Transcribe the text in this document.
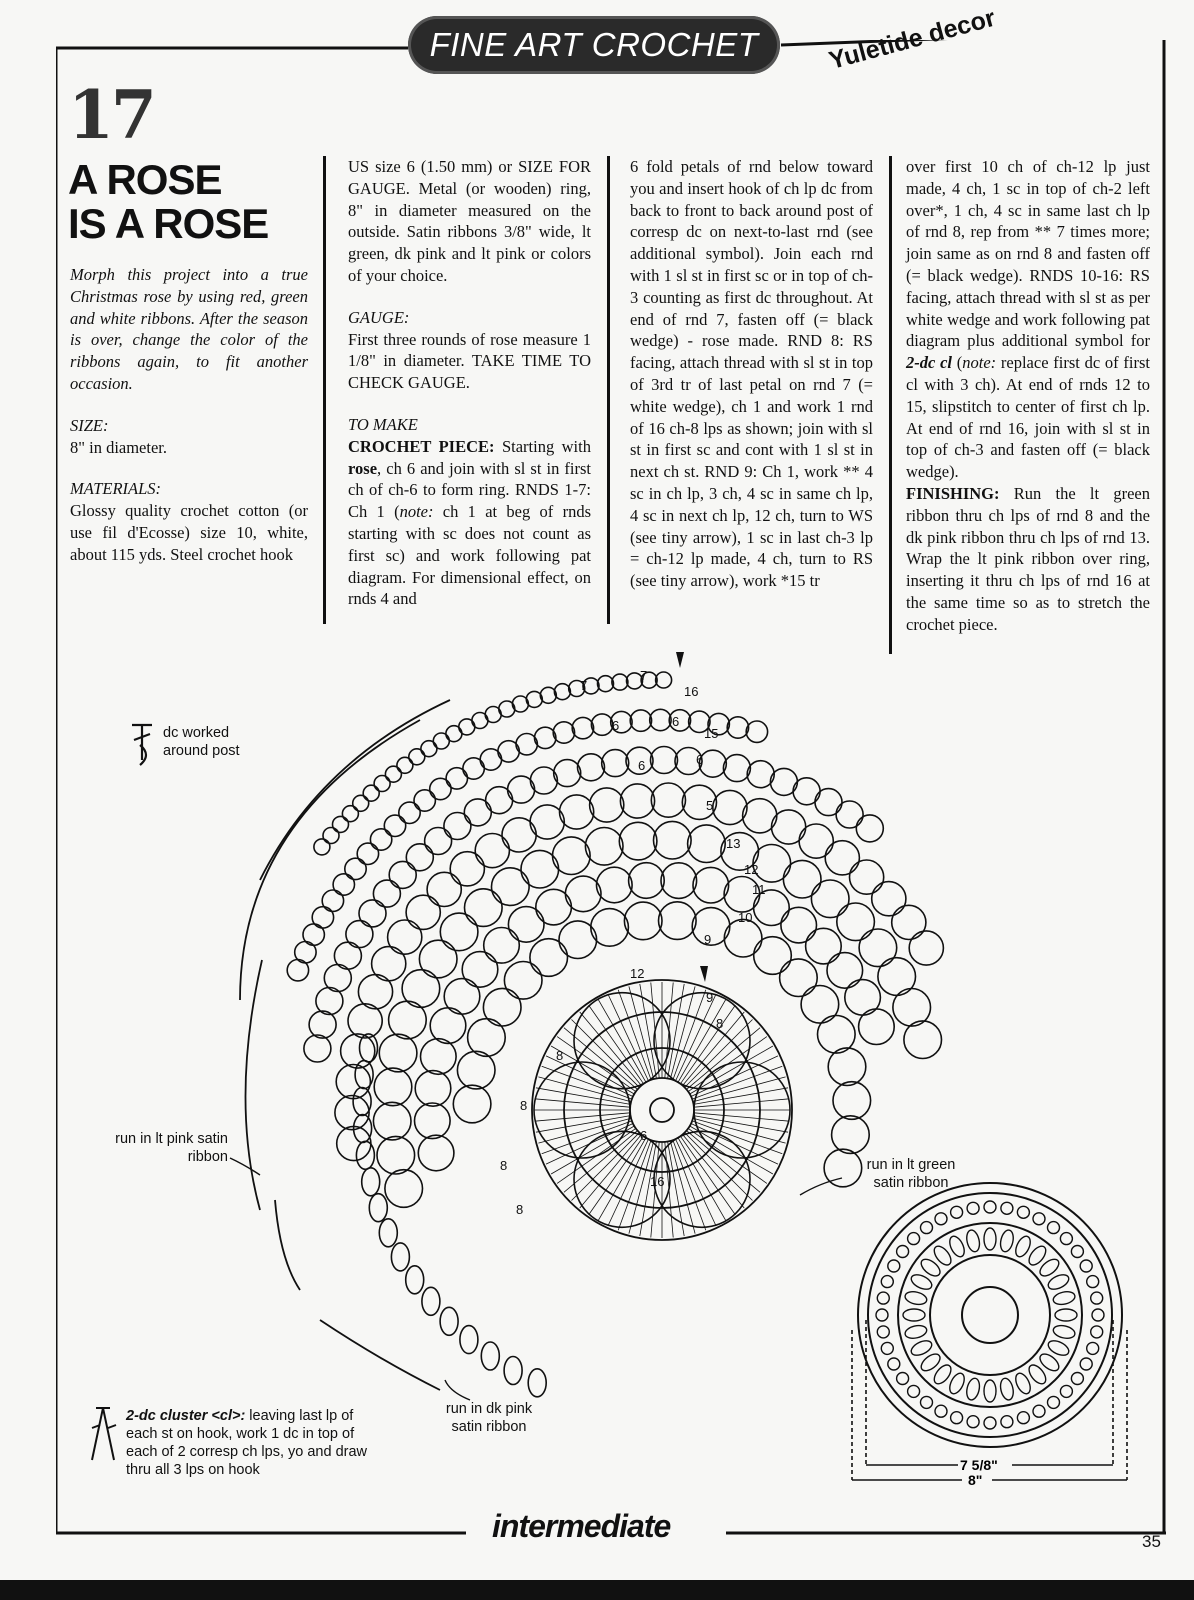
FINE ART CROCHET	Yuletide decor
17
A ROSE
IS A ROSE

Morph this project into a true Christmas rose by using red, green and white ribbons. After the season is over, change the color of the ribbons again, to fit another occasion.

SIZE:

8" in diameter.

MATERIALS:

Glossy quality crochet cotton (or use fil d'Ecosse) size 10, white, about 115 yds. Steel crochet hook

US size 6 (1.50 mm) or SIZE FOR GAUGE. Metal (or wooden) ring, 8" in diameter measured on the outside. Satin ribbons 3/8" wide, lt green, dk pink and lt pink or colors of your choice.

GAUGE:

First three rounds of rose measure 1 1/8" in diameter. TAKE TIME TO CHECK GAUGE.

TO MAKE

CROCHET PIECE: Starting with rose, ch 6 and join with sl st in first ch of ch-6 to form ring. RNDS 1-7: Ch 1 (note: ch 1 at beg of rnds starting with sc does not count as first sc) and work following pat diagram. For dimensional effect, on rnds 4 and

6 fold petals of rnd below toward you and insert hook of ch lp dc from back to front to back around post of corresp dc on next-to-last rnd (see additional symbol). Join each rnd with 1 sl st in first sc or in top of ch-3 counting as first dc throughout. At end of rnd 7, fasten off (= black wedge) - rose made. RND 8: RS facing, attach thread with sl st in top of 3rd tr of last petal on rnd 7 (= white wedge), ch 1 and work 1 rnd of 16 ch-8 lps as shown; join with sl st in first sc and cont with 1 sl st in next ch st. RND 9: Ch 1, work ** 4 sc in ch lp, 3 ch, 4 sc in same ch lp, 4 sc in next ch lp, 12 ch, turn to WS (see tiny arrow), 1 sc in last ch-3 lp = ch-12 lp made, 4 ch, turn to RS (see tiny arrow), work *15 tr

over first 10 ch of ch-12 lp just made, 4 ch, 1 sc in top of ch-2 left over*, 1 ch, 4 sc in same last ch lp of rnd 8, rep from ** 7 times more; join same as on rnd 8 and fasten off (= black wedge). RNDS 10-16: RS facing, attach thread with sl st as per white wedge and work following pat diagram plus additional symbol for 2-dc cl (note: replace first dc of first cl with 3 ch). At end of rnds 12 to 15, slipstitch to center of first ch lp. At end of rnd 16, join with sl st in top of ch-3 and fasten off (= black wedge).

FINISHING: Run the lt green ribbon thru ch lps of rnd 8 and the dk pink ribbon thru ch lps of rnd 13. Wrap the lt pink ribbon over ring, inserting it thru ch lps of rnd 16 at the same time so as to stretch the crochet piece.

7 5/8"
8"
7
7
16
6	6
15
6	6
5
13
12
11
10
9
12
9
8
8
8
8
8
6
16
dc worked around post
run in lt pink satin ribbon	run in lt green satin ribbon
run in dk pink satin ribbon
2-dc cluster <cl>: leaving last lp of each st on hook, work 1 dc in top of each of 2 corresp ch lps, yo and draw thru all 3 lps on hook
intermediate	35
